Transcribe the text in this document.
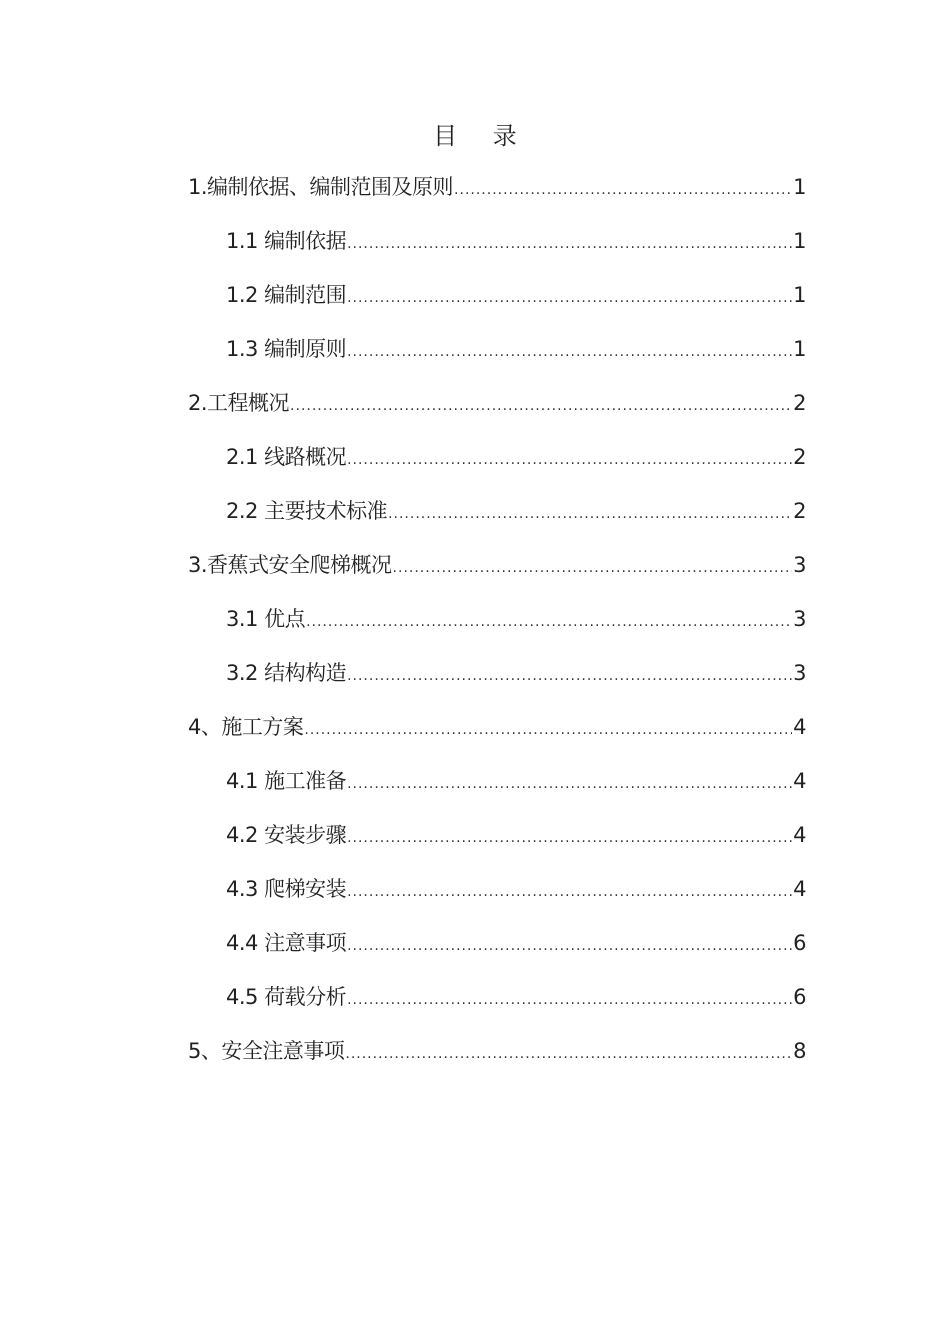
目 录
1.编制依据、编制范围及原则 .....	1
1.1 编制依据 .....	1
1.2 编制范围 .....	1
1.3 编制原则 .....	1
2.工程概况 .....	2
2.1 线路概况 .....	2
2.2 主要技术标准 .....	2
3.香蕉式安全爬梯概况 .....	3
3.1 优点 .....	3
3.2 结构构造 .....	3
4、施工方案 .....	4
4.1 施工准备 .....	4
4.2 安装步骤 .....	4
4.3 爬梯安装 .....	4
4.4 注意事项 .....	6
4.5 荷载分析 .....	6
5、安全注意事项 .....	8
